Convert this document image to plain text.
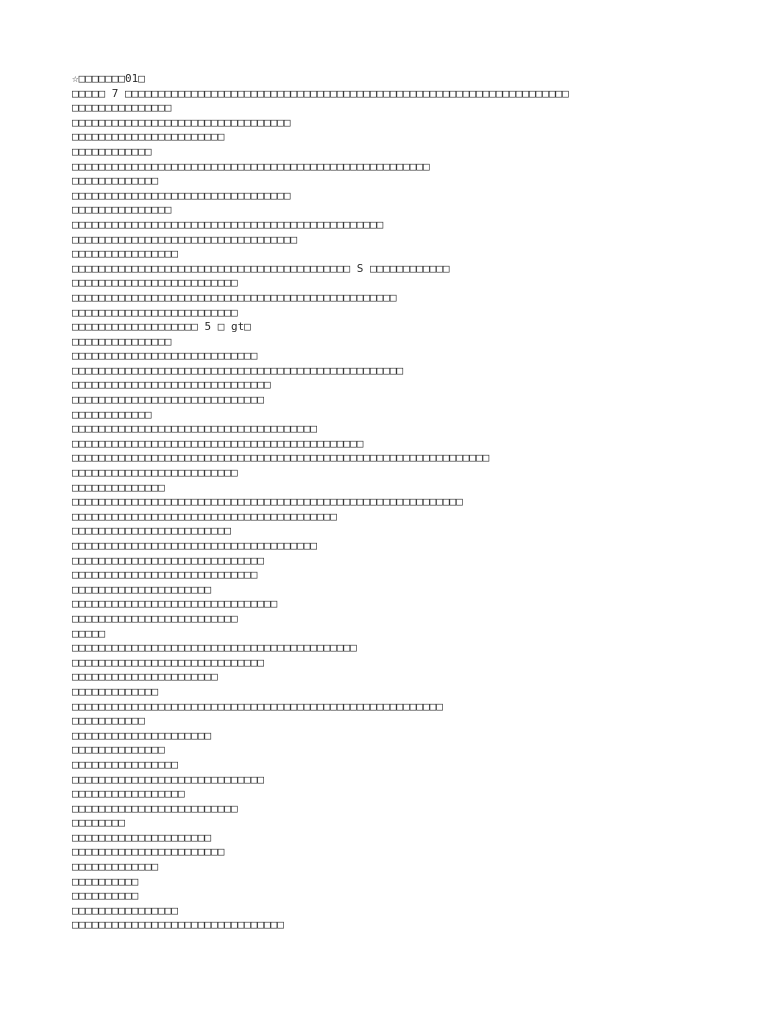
☆□□□□□□□01□
□□□□□ 7 □□□□□□□□□□□□□□□□□□□□□□□□□□□□□□□□□□□□□□□□□□□□□□□□□□□□□□□□□□□□□□□□□□□
□□□□□□□□□□□□□□□
□□□□□□□□□□□□□□□□□□□□□□□□□□□□□□□□□
□□□□□□□□□□□□□□□□□□□□□□□
□□□□□□□□□□□□
□□□□□□□□□□□□□□□□□□□□□□□□□□□□□□□□□□□□□□□□□□□□□□□□□□□□□□
□□□□□□□□□□□□□
□□□□□□□□□□□□□□□□□□□□□□□□□□□□□□□□□
□□□□□□□□□□□□□□□
□□□□□□□□□□□□□□□□□□□□□□□□□□□□□□□□□□□□□□□□□□□□□□□
□□□□□□□□□□□□□□□□□□□□□□□□□□□□□□□□□□
□□□□□□□□□□□□□□□□
□□□□□□□□□□□□□□□□□□□□□□□□□□□□□□□□□□□□□□□□□□ S □□□□□□□□□□□□
□□□□□□□□□□□□□□□□□□□□□□□□□
□□□□□□□□□□□□□□□□□□□□□□□□□□□□□□□□□□□□□□□□□□□□□□□□□
□□□□□□□□□□□□□□□□□□□□□□□□□
□□□□□□□□□□□□□□□□□□□ 5 □ gt□
□□□□□□□□□□□□□□□
□□□□□□□□□□□□□□□□□□□□□□□□□□□□
□□□□□□□□□□□□□□□□□□□□□□□□□□□□□□□□□□□□□□□□□□□□□□□□□□
□□□□□□□□□□□□□□□□□□□□□□□□□□□□□□
□□□□□□□□□□□□□□□□□□□□□□□□□□□□□
□□□□□□□□□□□□
□□□□□□□□□□□□□□□□□□□□□□□□□□□□□□□□□□□□□
□□□□□□□□□□□□□□□□□□□□□□□□□□□□□□□□□□□□□□□□□□□□
□□□□□□□□□□□□□□□□□□□□□□□□□□□□□□□□□□□□□□□□□□□□□□□□□□□□□□□□□□□□□□□
□□□□□□□□□□□□□□□□□□□□□□□□□
□□□□□□□□□□□□□□
□□□□□□□□□□□□□□□□□□□□□□□□□□□□□□□□□□□□□□□□□□□□□□□□□□□□□□□□□□□
□□□□□□□□□□□□□□□□□□□□□□□□□□□□□□□□□□□□□□□□
□□□□□□□□□□□□□□□□□□□□□□□□
□□□□□□□□□□□□□□□□□□□□□□□□□□□□□□□□□□□□□
□□□□□□□□□□□□□□□□□□□□□□□□□□□□□
□□□□□□□□□□□□□□□□□□□□□□□□□□□□
□□□□□□□□□□□□□□□□□□□□□
□□□□□□□□□□□□□□□□□□□□□□□□□□□□□□□
□□□□□□□□□□□□□□□□□□□□□□□□□
□□□□□
□□□□□□□□□□□□□□□□□□□□□□□□□□□□□□□□□□□□□□□□□□□
□□□□□□□□□□□□□□□□□□□□□□□□□□□□□
□□□□□□□□□□□□□□□□□□□□□□
□□□□□□□□□□□□□
□□□□□□□□□□□□□□□□□□□□□□□□□□□□□□□□□□□□□□□□□□□□□□□□□□□□□□□□
□□□□□□□□□□□
□□□□□□□□□□□□□□□□□□□□□
□□□□□□□□□□□□□□
□□□□□□□□□□□□□□□□
□□□□□□□□□□□□□□□□□□□□□□□□□□□□□
□□□□□□□□□□□□□□□□□
□□□□□□□□□□□□□□□□□□□□□□□□□
□□□□□□□□
□□□□□□□□□□□□□□□□□□□□□
□□□□□□□□□□□□□□□□□□□□□□□
□□□□□□□□□□□□□
□□□□□□□□□□
□□□□□□□□□□
□□□□□□□□□□□□□□□□
□□□□□□□□□□□□□□□□□□□□□□□□□□□□□□□□
